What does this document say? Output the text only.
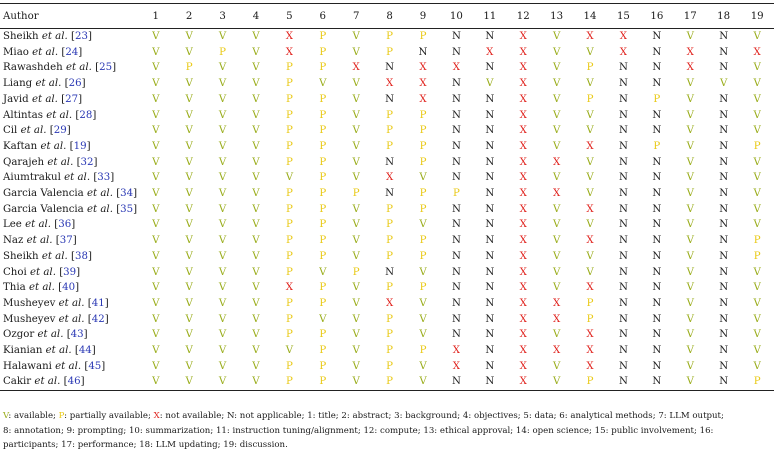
Author	1	2	3	4	5	6	7	8	9	10	11	12	13	14	15	16	17	18	19
Sheikh et al. [23]	V	V	V	V	X	P	V	P	P	N	N	X	V	X	X	N	V	N	V
Miao et al. [24]	V	V	P	V	X	P	V	P	N	N	X	X	V	V	X	N	X	N	X
Rawashdeh et al. [25]	V	P	V	V	P	P	X	N	X	X	N	X	V	P	N	N	X	N	V
Liang et al. [26]	V	V	V	V	P	V	V	X	X	N	V	X	V	V	N	N	V	V	V
Javid et al. [27]	V	V	V	V	P	P	V	N	X	N	N	X	V	P	N	P	V	N	V
Altintas et al. [28]	V	V	V	V	P	P	V	P	P	N	N	X	V	V	N	N	V	N	V
Cil et al. [29]	V	V	V	V	P	P	V	P	P	N	N	X	V	V	N	N	V	N	V
Kaftan et al. [19]	V	V	V	V	P	P	V	P	P	N	N	X	V	X	N	P	V	N	P
Qarajeh et al. [32]	V	V	V	V	P	P	V	N	P	N	N	X	X	V	N	N	V	N	V
Aiumtrakul et al. [33]	V	V	V	V	V	P	V	X	V	N	N	X	V	V	N	N	V	N	V
Garcia Valencia et al. [34]	V	V	V	V	P	P	P	N	P	P	N	X	X	V	N	N	V	N	V
Garcia Valencia et al. [35]	V	V	V	V	P	P	V	P	P	N	N	X	V	X	N	N	V	N	V
Lee et al. [36]	V	V	V	V	P	P	V	P	V	N	N	X	V	V	N	N	V	N	V
Naz et al. [37]	V	V	V	V	P	P	V	P	P	N	N	X	V	X	N	N	V	N	P
Sheikh et al. [38]	V	V	V	V	P	P	V	P	P	N	N	X	V	V	N	N	V	N	P
Choi et al. [39]	V	V	V	V	P	V	P	N	V	N	N	X	V	V	N	N	V	N	V
Thia et al. [40]	V	V	V	V	X	P	V	P	P	N	N	X	V	X	N	N	V	N	V
Musheyev et al. [41]	V	V	V	V	P	P	V	X	V	N	N	X	X	P	N	N	V	N	V
Musheyev et al. [42]	V	V	V	V	P	V	V	P	V	N	N	X	X	P	N	N	V	N	V
Ozgor et al. [43]	V	V	V	V	P	P	V	P	V	N	N	X	V	X	N	N	V	N	V
Kianian et al. [44]	V	V	V	V	V	P	V	P	P	X	N	X	X	X	N	N	V	N	V
Halawani et al. [45]	V	V	V	V	P	P	V	P	V	X	N	X	V	X	N	N	V	N	V
Cakir et al. [46]	V	V	V	V	P	P	V	P	V	N	N	X	V	P	N	N	V	N	P
V: available; P: partially available; X: not available; N: not applicable; 1: title; 2: abstract; 3: background; 4: objectives; 5: data; 6: analytical methods; 7: LLM output;
8: annotation; 9: prompting; 10: summarization; 11: instruction tuning/alignment; 12: compute; 13: ethical approval; 14: open science; 15: public involvement; 16:
participants; 17: performance; 18: LLM updating; 19: discussion.
